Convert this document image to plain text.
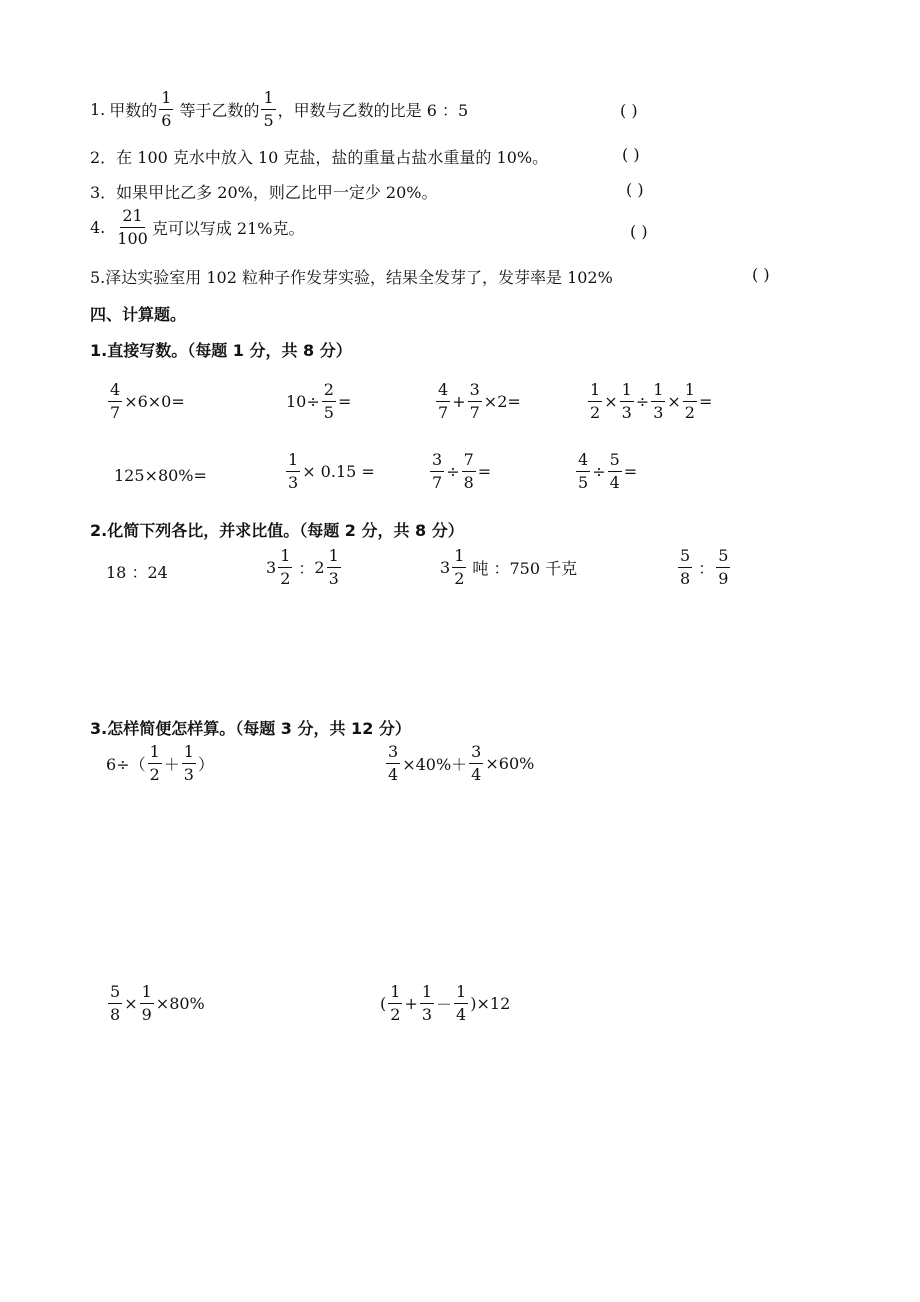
1. 甲数的 $\frac{1}{6}$ 等于乙数的 $\frac{1}{5}$ ，甲数与乙数的比是 6 ：5	( )
2．在 100 克水中放入 10 克盐，盐的重量占盐水重量的 10%。	( )
3．如果甲比乙多 20%，则乙比甲一定少 20%。	( )
4. $\frac{21}{100}$ 克可以写成 21%克。	( )
5.泽达实验室用 102 粒种子作发芽实验，结果全发芽了，发芽率是 102%	( )
四、计算题。
1.直接写数。（每题 1 分，共 8 分）
$\frac{4}{7} \times 6\times 0=$	$10\div \frac{2}{5}$ =	$\frac{4}{7} + \frac{3}{7} \times 2=$	$\frac{1}{2} \times \frac{1}{3} \div \frac{1}{3} \times \frac{1}{2}$ =
125×80%=	$\frac{1}{3} \times 0.15$ =	$\frac{3}{7} \div \frac{7}{8}$ =	$\frac{4}{5} \div \frac{5}{4}$ =
2.化简下列各比，并求比值。（每题 2 分，共 8 分）
18 ：24	$3 \frac{1}{2}$ ： $2 \frac{1}{3}$	$3 \frac{1}{2}$ 吨 ：750 千克	$\frac{5}{8}$ ： $\frac{5}{9}$
3.怎样简便怎样算。（每题 3 分，共 12 分）
$6\div( \frac{1}{2} + \frac{1}{3}$ ）	$\frac{3}{4} \times 40\%+ \frac{3}{4} \times 60\%$
$\frac{5}{8} \times \frac{1}{9} \times 80\%$	( $\frac{1}{2} + \frac{1}{3} - \frac{1}{4} )\times 12$
